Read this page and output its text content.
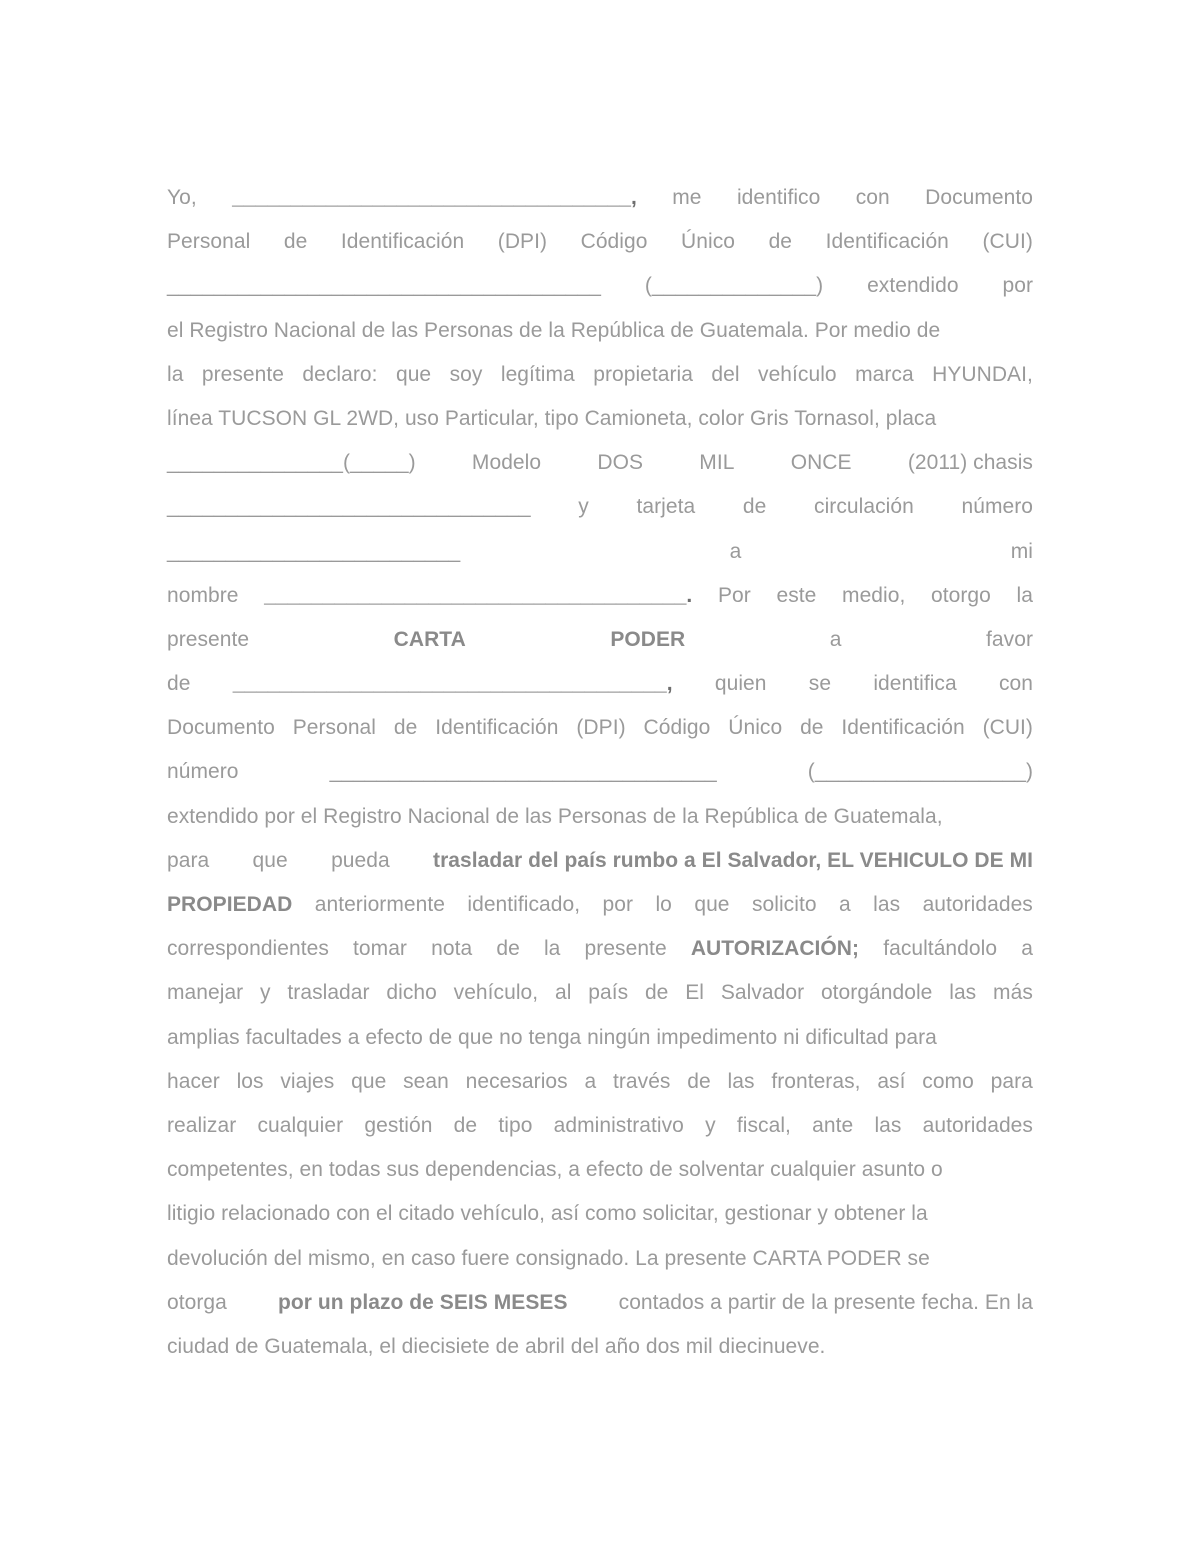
Yo, __________________________________, me identifico con Documento
Personal de Identificación (DPI) Código Único de Identificación (CUI)
_____________________________________ (______________) extendido por
el Registro Nacional de las Personas de la República de Guatemala. Por medio de
la presente declaro: que soy legítima propietaria del vehículo marca HYUNDAI,
línea TUCSON GL 2WD, uso Particular, tipo Camioneta, color Gris Tornasol, placa
_______________(_____)	Modelo	DOS	MIL	ONCE	(2011) chasis
_______________________________ y tarjeta de circulación número
_________________________	a	mi
nombre ____________________________________. Por este medio, otorgo la
presente	CARTA	PODER	a	favor
de _____________________________________, quien se identifica con
Documento Personal de Identificación (DPI) Código Único de Identificación (CUI)
número	_________________________________	(__________________)
extendido por el Registro Nacional de las Personas de la República de Guatemala,
para que pueda trasladar del país rumbo a El Salvador, EL VEHICULO DE MI
PROPIEDAD anteriormente identificado, por lo que solicito a las autoridades
correspondientes tomar nota de la presente AUTORIZACIÓN; facultándolo a
manejar y trasladar dicho vehículo, al país de El Salvador otorgándole las más
amplias facultades a efecto de que no tenga ningún impedimento ni dificultad para
hacer los viajes que sean necesarios a través de las fronteras, así como para
realizar cualquier gestión de tipo administrativo y fiscal, ante las autoridades
competentes, en todas sus dependencias, a efecto de solventar cualquier asunto o
litigio relacionado con el citado vehículo, así como solicitar, gestionar y obtener la
devolución del mismo, en caso fuere consignado. La presente CARTA PODER se
otorga por un plazo de SEIS MESES contados a partir de la presente fecha. En la
ciudad de Guatemala, el diecisiete de abril del año dos mil diecinueve.
